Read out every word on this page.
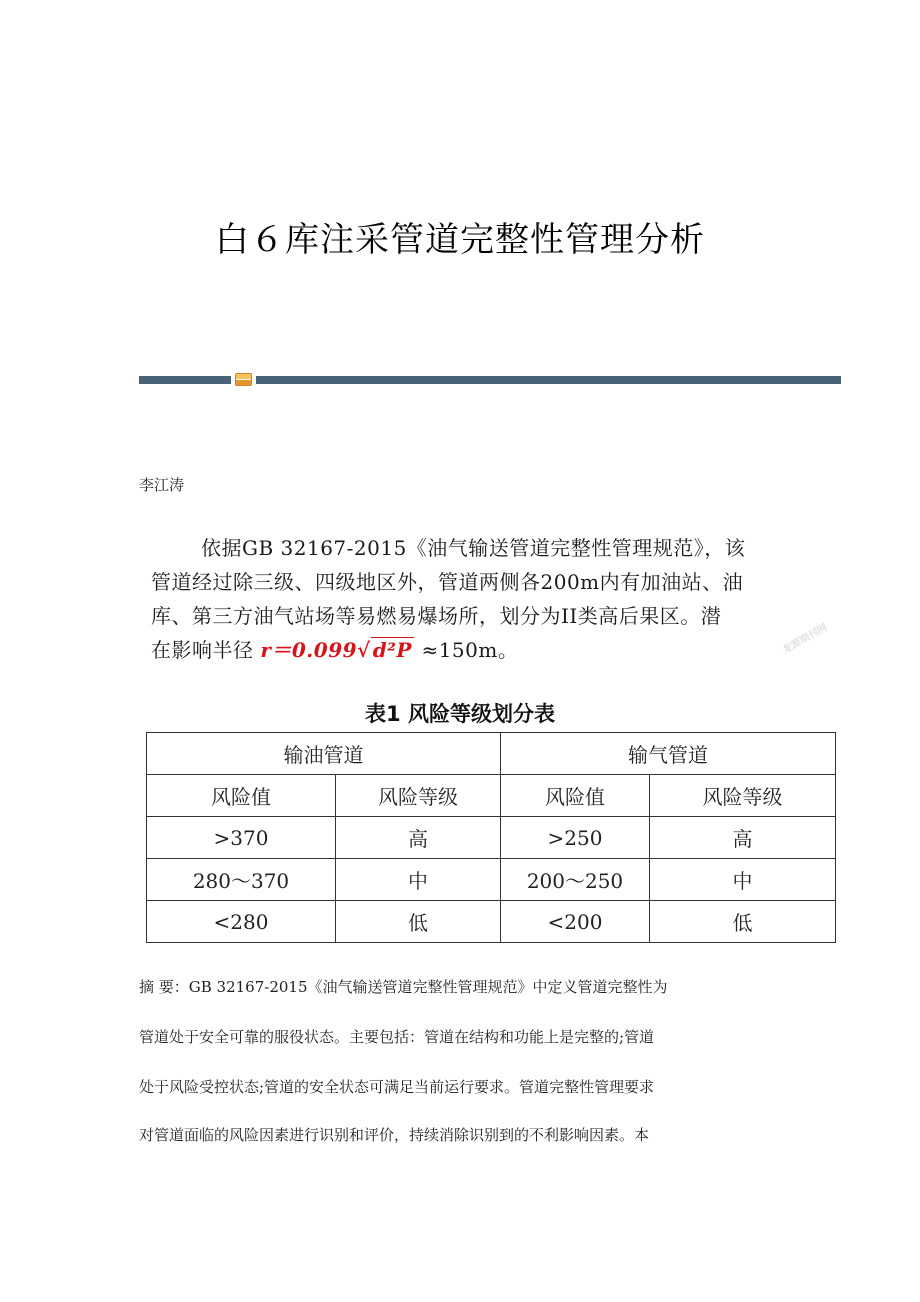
白６库注采管道完整性管理分析
李江涛
依据GB 32167-2015《油气输送管道完整性管理规范》，该
管道经过除三级、四级地区外，管道两侧各200m内有加油站、油
库、第三方油气站场等易燃易爆场所，划分为II类高后果区。潜
在影响半径 r＝0.099√ d²P ≈150m。	龙源期刊网
表1 风险等级划分表
输油管道		输气管道	
风险值	风险等级	风险值	风险等级
>370	高	>250	高
280～370	中	200～250	中
<280	低	<200	低
摘 要：GB 32167-2015《油气输送管道完整性管理规范》中定义管道完整性为
管道处于安全可靠的服役状态。主要包括：管道在结构和功能上是完整的;管道
处于风险受控状态;管道的安全状态可满足当前运行要求。管道完整性管理要求
对管道面临的风险因素进行识别和评价，持续消除识别到的不利影响因素。本
